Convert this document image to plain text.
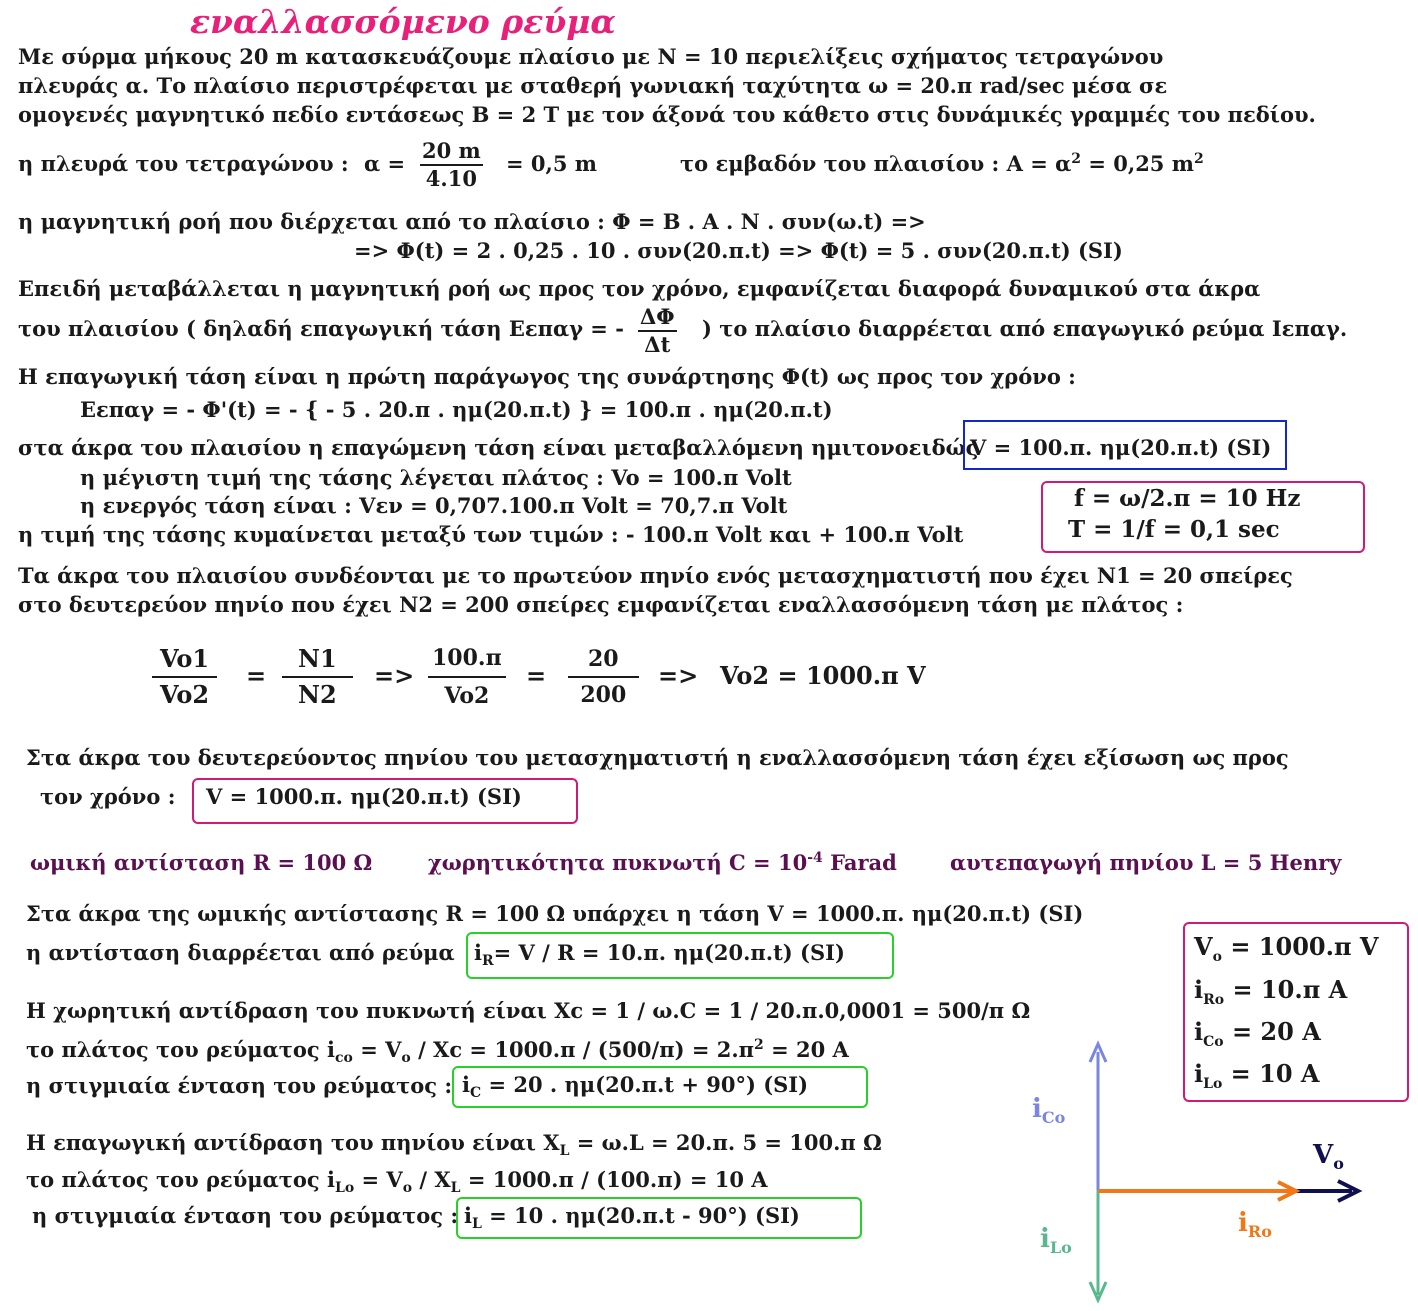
εναλλασσόμενο ρεύμα
Με σύρμα μήκους 20 m κατασκευάζουμε πλαίσιο με N = 10 περιελίξεις σχήματος τετραγώνου
πλευράς α. Το πλαίσιο περιστρέφεται με σταθερή γωνιακή ταχύτητα ω = 20.π rad/sec μέσα σε
ομογενές μαγνητικό πεδίο εντάσεως Β = 2 Τ με τον άξονά του κάθετο στις δυνάμικές γραμμές του πεδίου.
η πλευρά του τετραγώνου : $\alpha = \frac{20 m}{4.10} = 0,5$ m	το εμβαδόν του πλαισίου : $A = \alpha^2 = 0,25$ $m^2$
η μαγνητική ροή που διέρχεται από το πλαίσιο : Φ = Β . Α . Ν . συν(ω.t) =>
=> Φ(t) = 2 . 0,25 . 10 . συν(20.π.t) => Φ(t) = 5 . συν(20.π.t) (SI)
Επειδή μεταβάλλεται η μαγνητική ροή ως προς τον χρόνο, εμφανίζεται διαφορά δυναμικού στα άκρα
του πλαισίου ( δηλαδή επαγωγική τάση Εεπαγ = - $\frac{\Delta\Phi}{\Delta t}$ ) το πλαίσιο διαρρέεται από επαγωγικό ρεύμα Ιεπαγ.
Η επαγωγική τάση είναι η πρώτη παράγωγος της συνάρτησης Φ(t) ως προς τον χρόνο :
Εεπαγ = - Φ'(t) = - { - 5 . 20.π . ημ(20.π.t) } = 100.π . ημ(20.π.t)
στα άκρα του πλαισίου η επαγώμενη τάση είναι μεταβαλλόμενη ημιτονοειδώς
V = 100.π. ημ(20.π.t) (SI)
η μέγιστη τιμή της τάσης λέγεται πλάτος : Vo = 100.π Volt
η ενεργός τάση είναι : Vεν = 0,707.100.π Volt = 70,7.π Volt
η τιμή της τάσης κυμαίνεται μεταξύ των τιμών : - 100.π Volt και + 100.π Volt
f = ω/2.π = 10 Hz
T = 1/f = 0,1 sec
Τα άκρα του πλαισίου συνδέονται με το πρωτεύον πηνίο ενός μετασχηματιστή που έχει Ν1 = 20 σπείρες
στο δευτερεύον πηνίο που έχει Ν2 = 200 σπείρες εμφανίζεται εναλλασσόμενη τάση με πλάτος :
$\frac{Vo1}{Vo2} = \frac{N1}{N2} => \frac{100.\pi}{Vo2} = \frac{20}{200} => Vo2 = 1000.\pi$ V
Στα άκρα του δευτερεύοντος πηνίου του μετασχηματιστή η εναλλασσόμενη τάση έχει εξίσωση ως προς
τον χρόνο : V = 1000.π. ημ(20.π.t) (SI)
ωμική αντίσταση R = 100 Ω	χωρητικότητα πυκνωτή $C = 10^{-4}$ Farad	αυτεπαγωγή πηνίου L = 5 Henry
Στα άκρα της ωμικής αντίστασης R = 100 Ω υπάρχει η τάση V = 1000.π. ημ(20.π.t) (SI)
η αντίσταση διαρρέεται από ρεύμα $i_R= V / R = 10.\pi$. ημ(20.π.t) (SI)
Η χωρητική αντίδραση του πυκνωτή είναι Xc = 1 / ω.C = 1 / 20.π.0,0001 = 500/π Ω
το πλάτος του ρεύματος $i_{co} = V_o / Xc = 1000.\pi / (500/\pi) = 2.\pi^2 = 20$ A
η στιγμιαία ένταση του ρεύματος : $i_C = 20$ . ημ(20.π.t + 90°) (SI)
Η επαγωγική αντίδραση του πηνίου είναι $X_L = \omega.L = 20.\pi$. 5 = 100.π Ω
το πλάτος του ρεύματος $i_{Lo} = V_o / X_L = 1000.\pi / (100.\pi) = 10$ A
η στιγμιαία ένταση του ρεύματος : $i_L = 10$ . ημ(20.π.t - 90°) (SI)
$V_o = 1000.\pi$ V
$i_{Ro} = 10.\pi$ A
$i_{Co} = 20$ A
$i_{Lo} = 10$ A
$i_{Co}$
$i_{Lo}$
$V_o$
$i_{Ro}$
